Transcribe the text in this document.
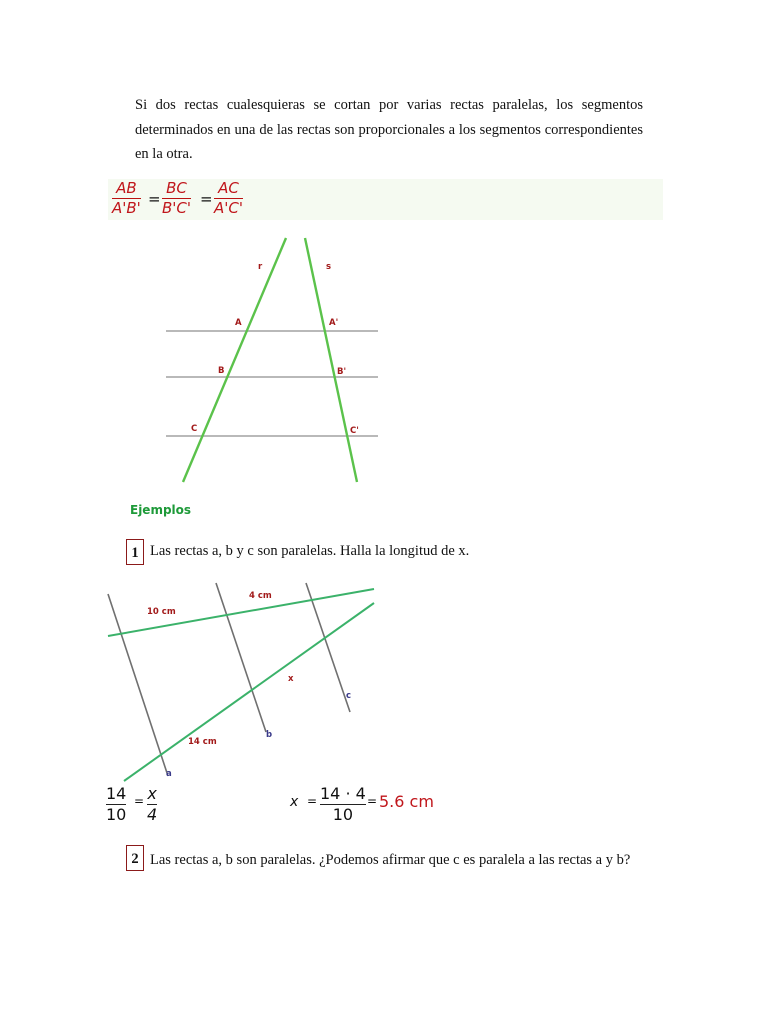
Si dos rectas cualesquieras se cortan por varias rectas paralelas, los segmentos determinados en una de las rectas son proporcionales a los segmentos correspondientes en la otra.
AB
A'B'
=
BC
B'C'
=
AC
A'C'
r	s
A	A'
B	B'
C	C'
Ejemplos
1 Las rectas a, b y c son paralelas. Halla la longitud de x.
10 cm
4 cm
x
14 cm
a
b
c
14
10
= x
4
x = 14 · 4
10
= 5.6 cm
2 Las rectas a, b son paralelas. ¿Podemos afirmar que c es paralela a las rectas a y b?
